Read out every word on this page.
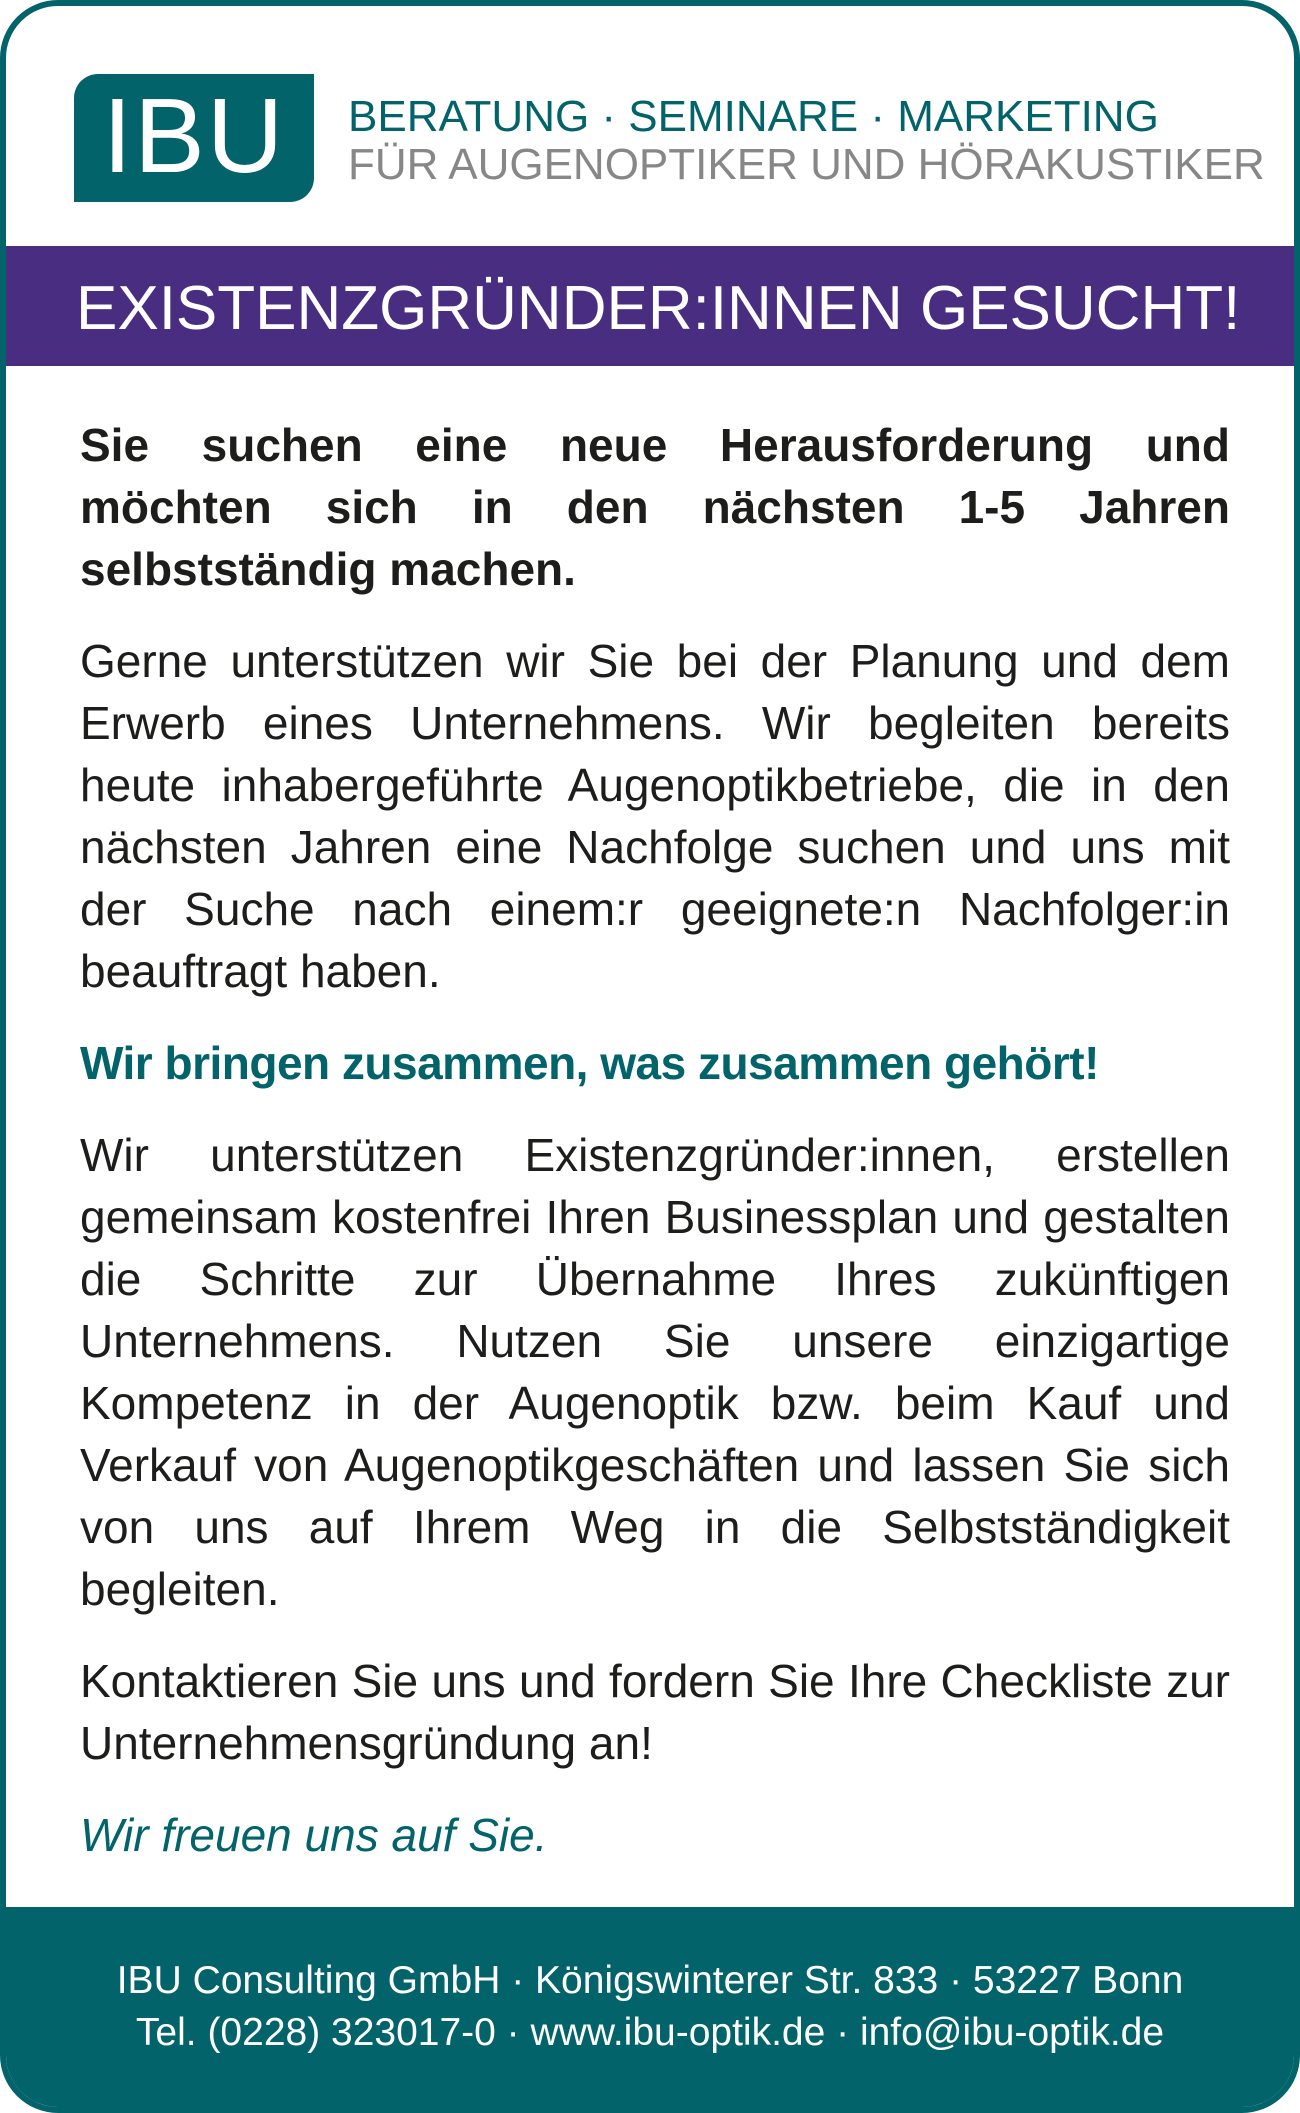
IBU	BERATUNG · SEMINARE · MARKETING
FÜR AUGENOPTIKER UND HÖRAKUSTIKER
EXISTENZGRÜNDER:INNEN GESUCHT!

Sie suchen eine neue Herausforderung und möchten sich in den nächsten 1-5 Jahren selbstständig machen.

Gerne unterstützen wir Sie bei der Planung und dem Erwerb eines Unternehmens. Wir begleiten bereits heute inhabergeführte Augenoptikbetriebe, die in den nächsten Jahren eine Nachfolge suchen und uns mit der Suche nach einem:r geeignete:n Nachfolger:in beauftragt haben.

Wir bringen zusammen, was zusammen gehört!

Wir unterstützen Existenzgründer:innen, erstellen gemeinsam kostenfrei Ihren Businessplan und gestalten die Schritte zur Übernahme Ihres zukünftigen Unternehmens. Nutzen Sie unsere einzigartige Kompetenz in der Augenoptik bzw. beim Kauf und Verkauf von Augenoptikgeschäften und lassen Sie sich von uns auf Ihrem Weg in die Selbstständigkeit begleiten.

Kontaktieren Sie uns und fordern Sie Ihre Checkliste zur Unternehmensgründung an!

Wir freuen uns auf Sie.

IBU Consulting GmbH · Königswinterer Str. 833 · 53227 Bonn
Tel. (0228) 323017-0 · www.ibu-optik.de · info@ibu-optik.de
